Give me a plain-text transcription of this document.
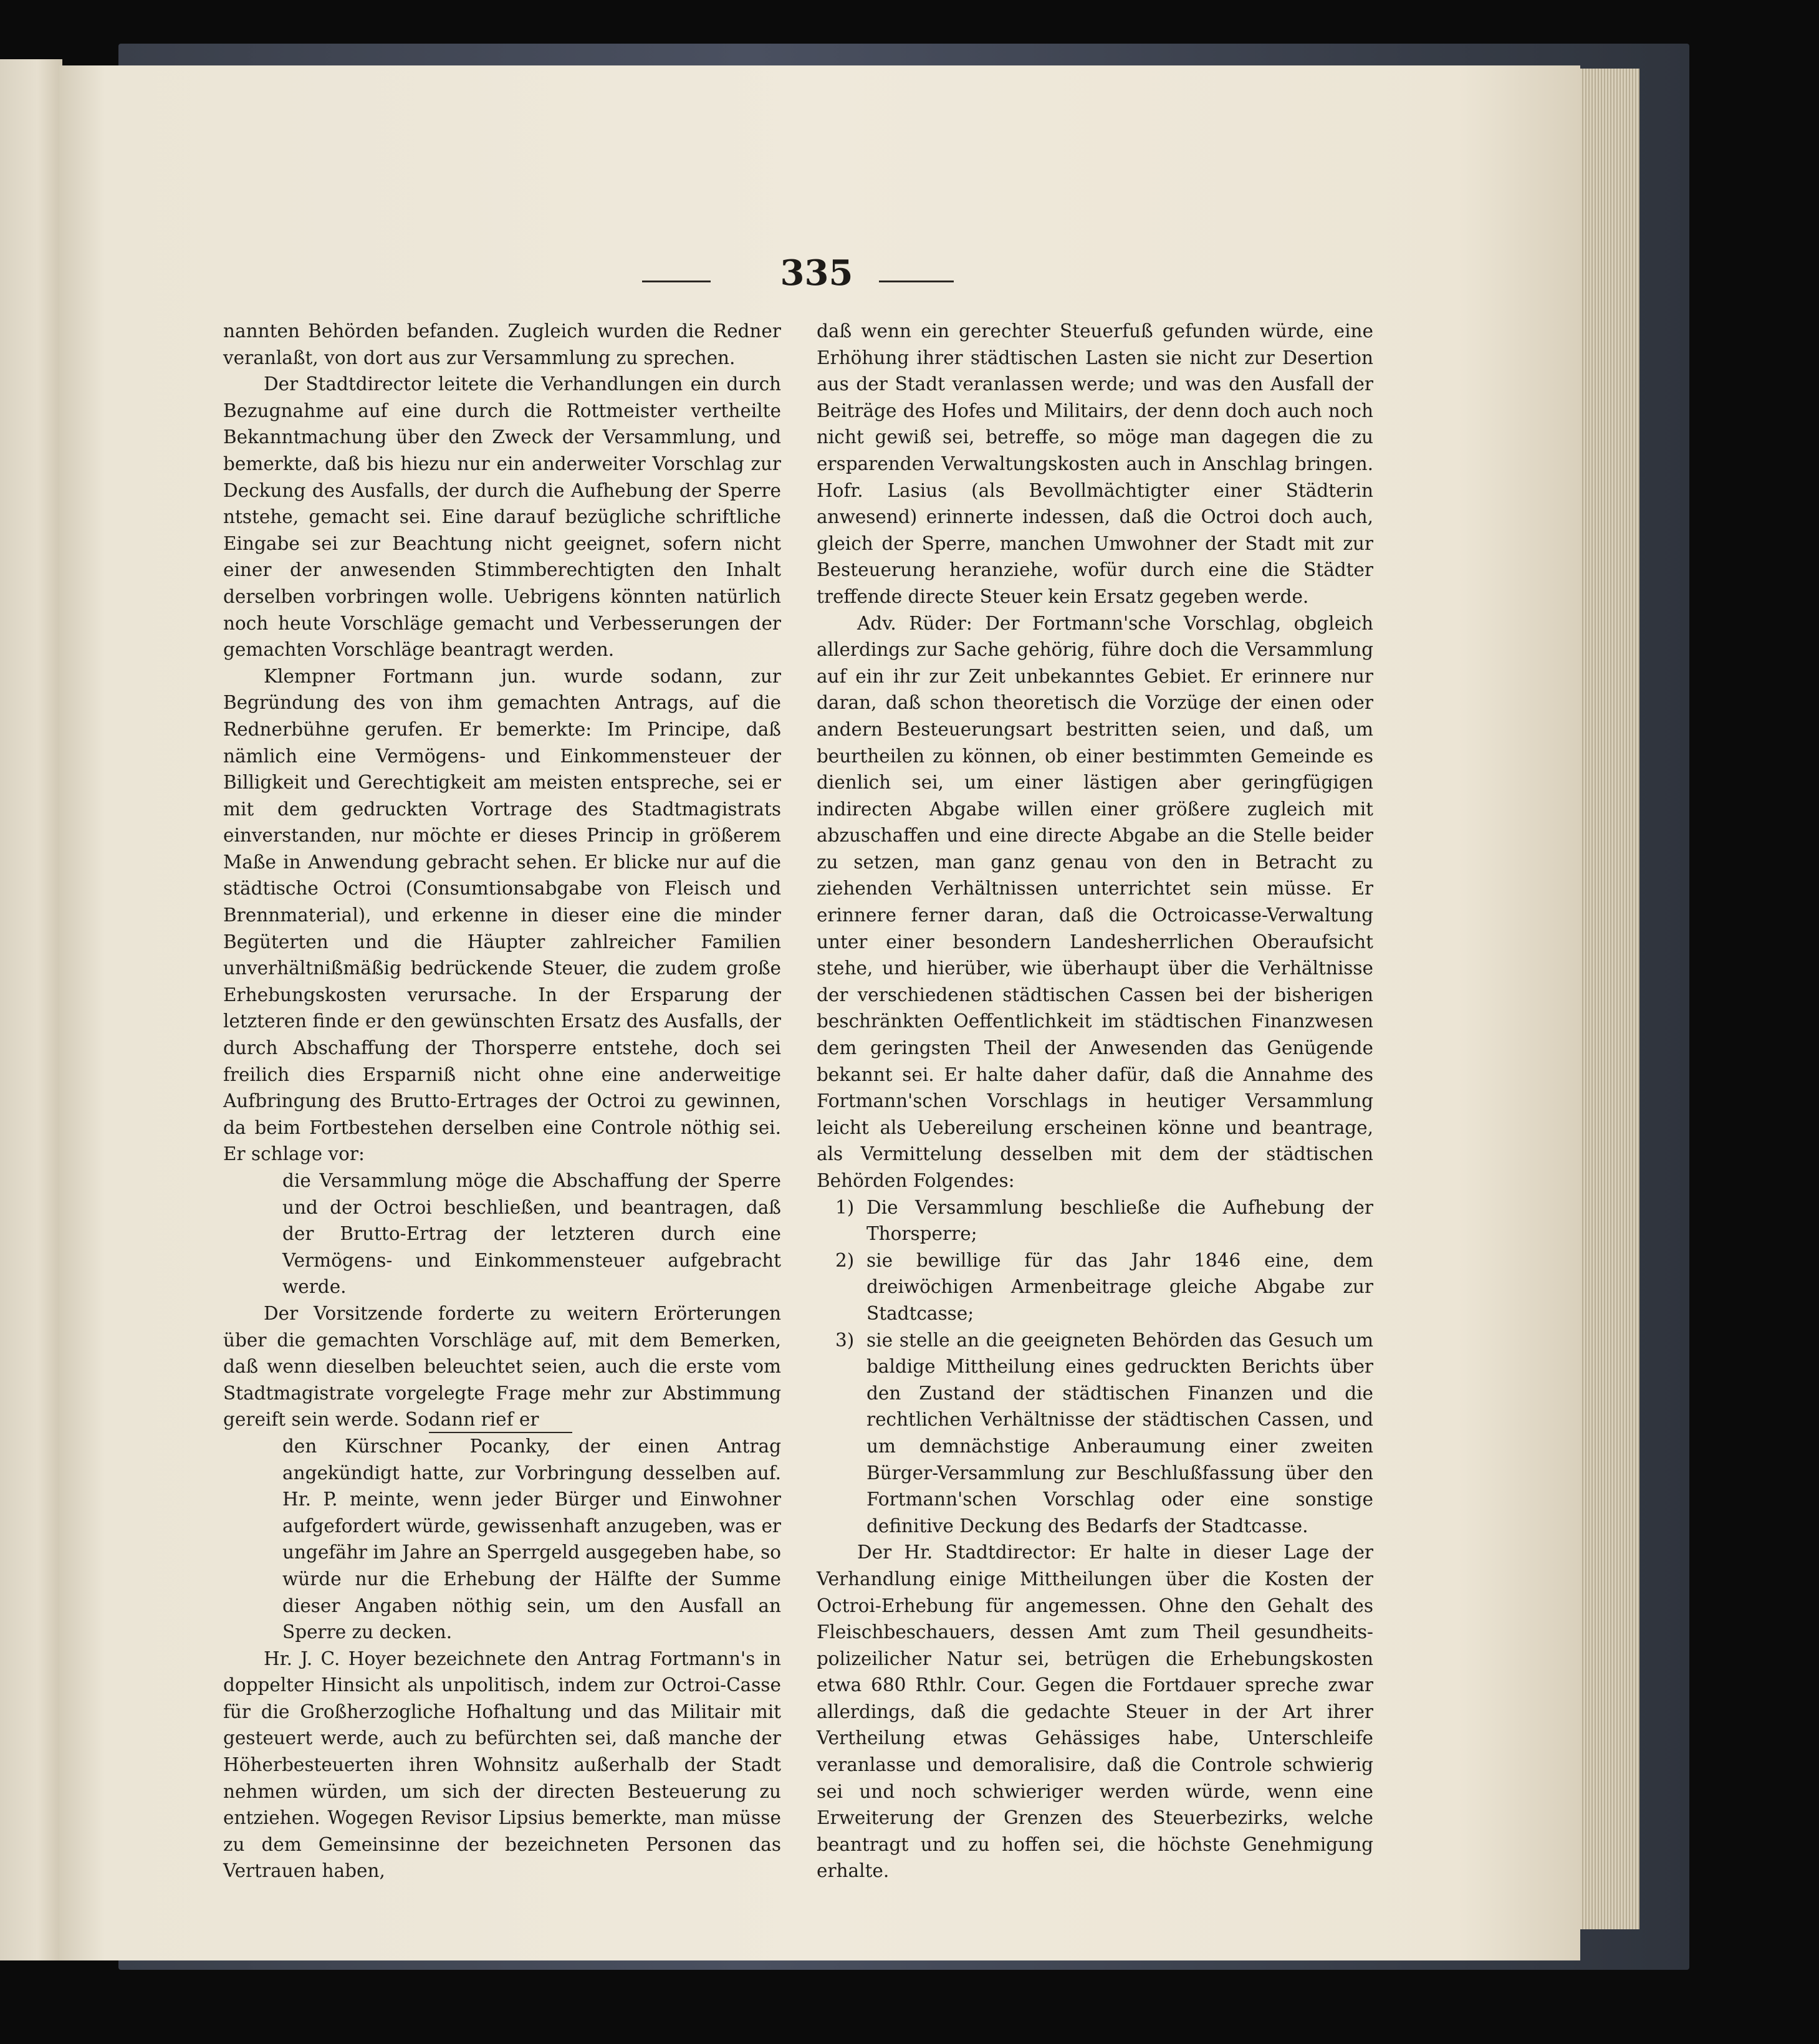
335

nannten Behörden befanden. Zugleich wurden die Redner veranlaßt, von dort aus zur Versammlung zu sprechen.

Der Stadtdirector leitete die Verhandlungen ein durch Bezugnahme auf eine durch die Rottmeister vertheilte Bekanntmachung über den Zweck der Versammlung, und bemerkte, daß bis hiezu nur ein anderweiter Vorschlag zur Deckung des Ausfalls, der durch die Aufhebung der Sperre ntstehe, gemacht sei. Eine darauf bezügliche schriftliche Eingabe sei zur Beachtung nicht geeignet, sofern nicht einer der anwesenden Stimmberechtigten den Inhalt derselben vorbringen wolle. Uebrigens könnten natürlich noch heute Vorschläge gemacht und Verbesserungen der gemachten Vorschläge beantragt werden.

Klempner Fortmann jun. wurde sodann, zur Begründung des von ihm gemachten Antrags, auf die Rednerbühne gerufen. Er bemerkte: Im Principe, daß nämlich eine Vermögens- und Einkommensteuer der Billigkeit und Gerechtigkeit am meisten entspreche, sei er mit dem gedruckten Vortrage des Stadtmagistrats einverstanden, nur möchte er dieses Princip in größerem Maße in Anwendung gebracht sehen. Er blicke nur auf die städtische Octroi (Consumtionsabgabe von Fleisch und Brennmaterial), und erkenne in dieser eine die minder Begüterten und die Häupter zahlreicher Familien unverhältnißmäßig bedrückende Steuer, die zudem große Erhebungskosten verursache. In der Ersparung der letzteren finde er den gewünschten Ersatz des Ausfalls, der durch Abschaffung der Thorsperre entstehe, doch sei freilich dies Ersparniß nicht ohne eine anderweitige Aufbringung des Brutto-Ertrages der Octroi zu gewinnen, da beim Fortbestehen derselben eine Controle nöthig sei. Er schlage vor:

die Versammlung möge die Abschaffung der Sperre und der Octroi beschließen, und beantragen, daß der Brutto-Ertrag der letzteren durch eine Vermögens- und Einkommensteuer aufgebracht werde.

Der Vorsitzende forderte zu weitern Erörterungen über die gemachten Vorschläge auf, mit dem Bemerken, daß wenn dieselben beleuchtet seien, auch die erste vom Stadtmagistrate vorgelegte Frage mehr zur Abstimmung gereift sein werde. Sodann rief er

den Kürschner Pocanky, der einen Antrag angekündigt hatte, zur Vorbringung desselben auf. Hr. P. meinte, wenn jeder Bürger und Einwohner aufgefordert würde, gewissenhaft anzugeben, was er ungefähr im Jahre an Sperrgeld ausgegeben habe, so würde nur die Erhebung der Hälfte der Summe dieser Angaben nöthig sein, um den Ausfall an Sperre zu decken.

Hr. J. C. Hoyer bezeichnete den Antrag Fortmann's in doppelter Hinsicht als unpolitisch, indem zur Octroi-Casse für die Großherzogliche Hofhaltung und das Militair mit gesteuert werde, auch zu befürchten sei, daß manche der Höherbesteuerten ihren Wohnsitz außerhalb der Stadt nehmen würden, um sich der directen Besteuerung zu entziehen. Wogegen Revisor Lipsius bemerkte, man müsse zu dem Gemeinsinne der bezeichneten Personen das Vertrauen haben,

daß wenn ein gerechter Steuerfuß gefunden würde, eine Erhöhung ihrer städtischen Lasten sie nicht zur Desertion aus der Stadt veranlassen werde; und was den Ausfall der Beiträge des Hofes und Militairs, der denn doch auch noch nicht gewiß sei, betreffe, so möge man dagegen die zu ersparenden Verwaltungskosten auch in Anschlag bringen. Hofr. Lasius (als Bevollmächtigter einer Städterin anwesend) erinnerte indessen, daß die Octroi doch auch, gleich der Sperre, manchen Umwohner der Stadt mit zur Besteuerung heranziehe, wofür durch eine die Städter treffende directe Steuer kein Ersatz gegeben werde.

Adv. Rüder: Der Fortmann'sche Vorschlag, obgleich allerdings zur Sache gehörig, führe doch die Versammlung auf ein ihr zur Zeit unbekanntes Gebiet. Er erinnere nur daran, daß schon theoretisch die Vorzüge der einen oder andern Besteuerungsart bestritten seien, und daß, um beurtheilen zu können, ob einer bestimmten Gemeinde es dienlich sei, um einer lästigen aber geringfügigen indirecten Abgabe willen einer größere zugleich mit abzuschaffen und eine directe Abgabe an die Stelle beider zu setzen, man ganz genau von den in Betracht zu ziehenden Verhältnissen unterrichtet sein müsse. Er erinnere ferner daran, daß die Octroicasse-Verwaltung unter einer besondern Landesherrlichen Oberaufsicht stehe, und hierüber, wie überhaupt über die Verhältnisse der verschiedenen städtischen Cassen bei der bisherigen beschränkten Oeffentlichkeit im städtischen Finanzwesen dem geringsten Theil der Anwesenden das Genügende bekannt sei. Er halte daher dafür, daß die Annahme des Fortmann'schen Vorschlags in heutiger Versammlung leicht als Uebereilung erscheinen könne und beantrage, als Vermittelung desselben mit dem der städtischen Behörden Folgendes:

1) Die Versammlung beschließe die Aufhebung der Thorsperre;
2) sie bewillige für das Jahr 1846 eine, dem dreiwöchigen Armenbeitrage gleiche Abgabe zur Stadtcasse;
3) sie stelle an die geeigneten Behörden das Gesuch um baldige Mittheilung eines gedruckten Berichts über den Zustand der städtischen Finanzen und die rechtlichen Verhältnisse der städtischen Cassen, und um demnächstige Anberaumung einer zweiten Bürger-Versammlung zur Beschlußfassung über den Fortmann'schen Vorschlag oder eine sonstige definitive Deckung des Bedarfs der Stadtcasse.

Der Hr. Stadtdirector: Er halte in dieser Lage der Verhandlung einige Mittheilungen über die Kosten der Octroi-Erhebung für angemessen. Ohne den Gehalt des Fleischbeschauers, dessen Amt zum Theil gesundheits-polizeilicher Natur sei, betrügen die Erhebungskosten etwa 680 Rthlr. Cour. Gegen die Fortdauer spreche zwar allerdings, daß die gedachte Steuer in der Art ihrer Vertheilung etwas Gehässiges habe, Unterschleife veranlasse und demoralisire, daß die Controle schwierig sei und noch schwieriger werden würde, wenn eine Erweiterung der Grenzen des Steuerbezirks, welche beantragt und zu hoffen sei, die höchste Genehmigung erhalte.
